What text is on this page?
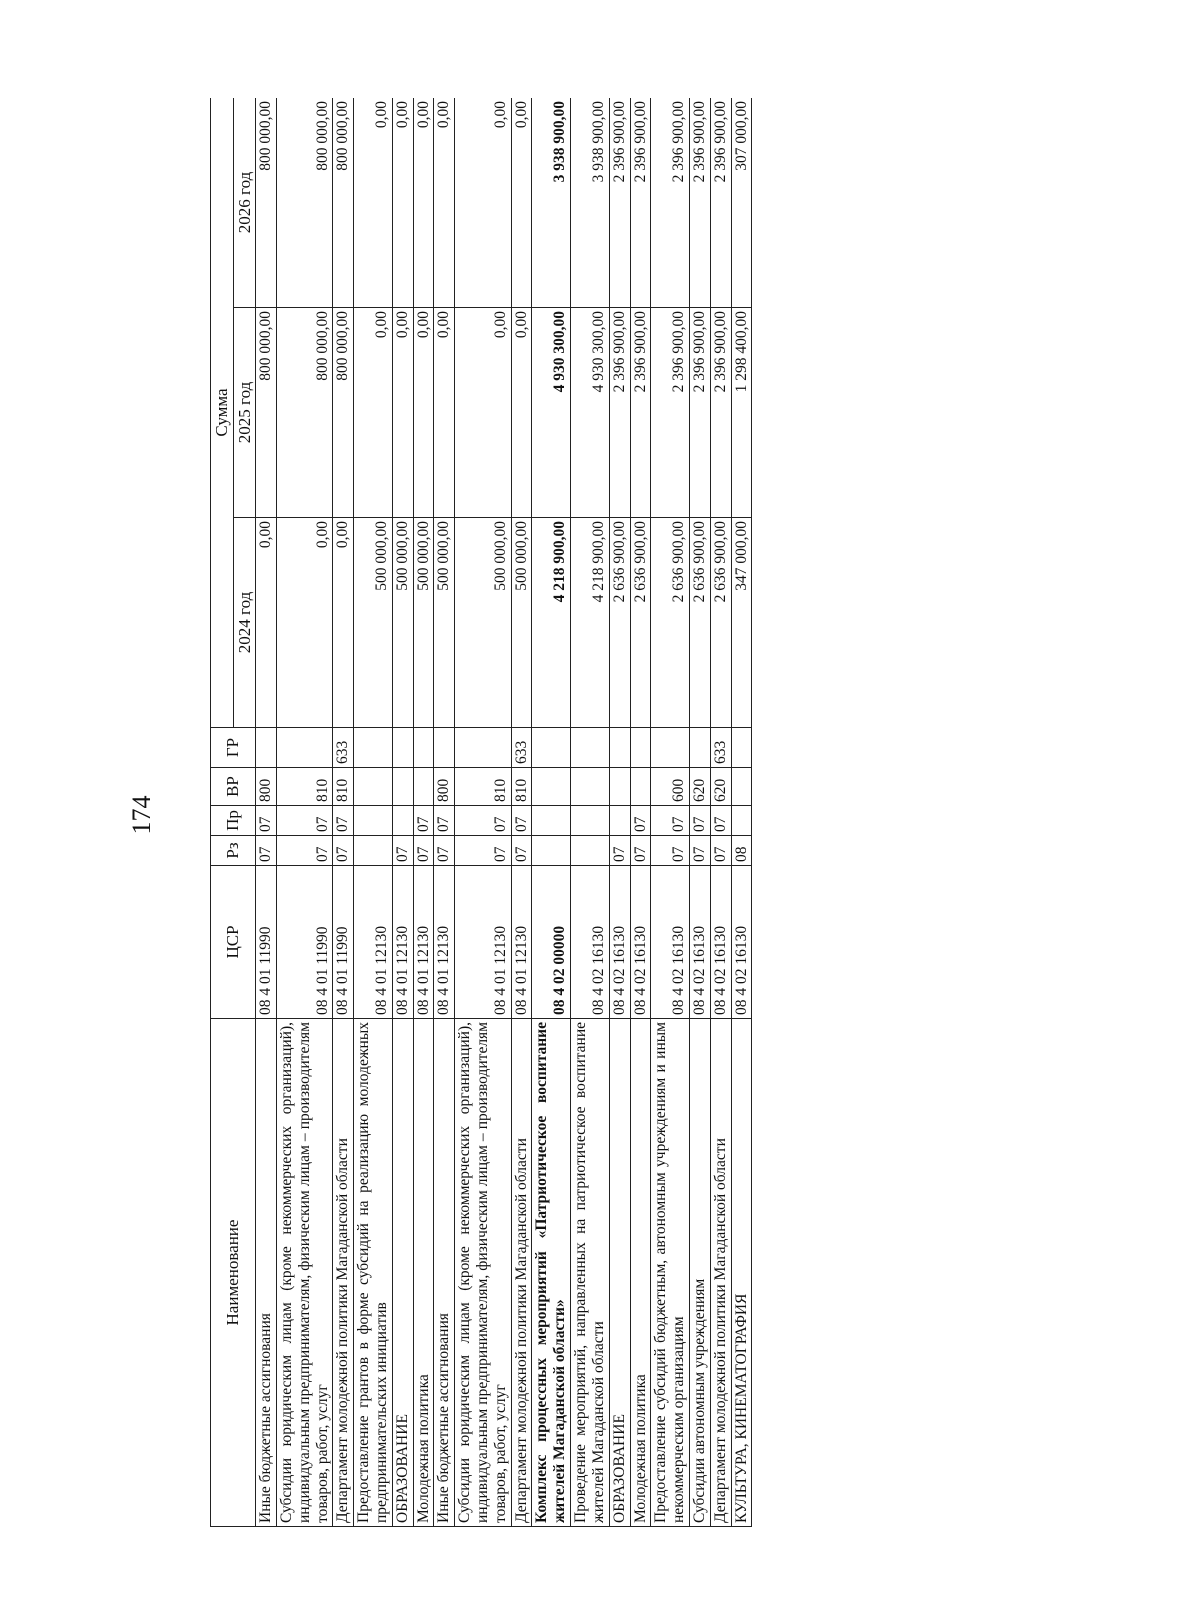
174
Наименование	ЦСР	Рз	Пр	ВР	ГР	Сумма		
						2024 год	2025 год	2026 год
Иные бюджетные ассигнования	08 4 01 11990	07	07	800		0,00	800 000,00	800 000,00
Субсидии юридическим лицам (кроме некоммерческих организаций), индивидуальным предпринимателям, физическим лицам – производителям товаров, работ, услуг	08 4 01 11990	07	07	810		0,00	800 000,00	800 000,00
Департамент молодежной политики Магаданской области	08 4 01 11990	07	07	810	633	0,00	800 000,00	800 000,00
Предоставление грантов в форме субсидий на реализацию молодежных предпринимательских инициатив	08 4 01 12130					500 000,00	0,00	0,00
ОБРАЗОВАНИЕ	08 4 01 12130	07				500 000,00	0,00	0,00
Молодежная политика	08 4 01 12130	07	07			500 000,00	0,00	0,00
Иные бюджетные ассигнования	08 4 01 12130	07	07	800		500 000,00	0,00	0,00
Субсидии юридическим лицам (кроме некоммерческих организаций), индивидуальным предпринимателям, физическим лицам – производителям товаров, работ, услуг	08 4 01 12130	07	07	810		500 000,00	0,00	0,00
Департамент молодежной политики Магаданской области	08 4 01 12130	07	07	810	633	500 000,00	0,00	0,00
Комплекс процессных мероприятий «Патриотическое воспитание жителей Магаданской области»	08 4 02 00000					4 218 900,00	4 930 300,00	3 938 900,00
Проведение мероприятий, направленных на патриотическое воспитание жителей Магаданской области	08 4 02 16130					4 218 900,00	4 930 300,00	3 938 900,00
ОБРАЗОВАНИЕ	08 4 02 16130	07				2 636 900,00	2 396 900,00	2 396 900,00
Молодежная политика	08 4 02 16130	07	07			2 636 900,00	2 396 900,00	2 396 900,00
Предоставление субсидий бюджетным, автономным учреждениям и иным некоммерческим организациям	08 4 02 16130	07	07	600		2 636 900,00	2 396 900,00	2 396 900,00
Субсидии автономным учреждениям	08 4 02 16130	07	07	620		2 636 900,00	2 396 900,00	2 396 900,00
Департамент молодежной политики Магаданской области	08 4 02 16130	07	07	620	633	2 636 900,00	2 396 900,00	2 396 900,00
КУЛЬТУРА, КИНЕМАТОГРАФИЯ	08 4 02 16130	08				347 000,00	1 298 400,00	307 000,00
